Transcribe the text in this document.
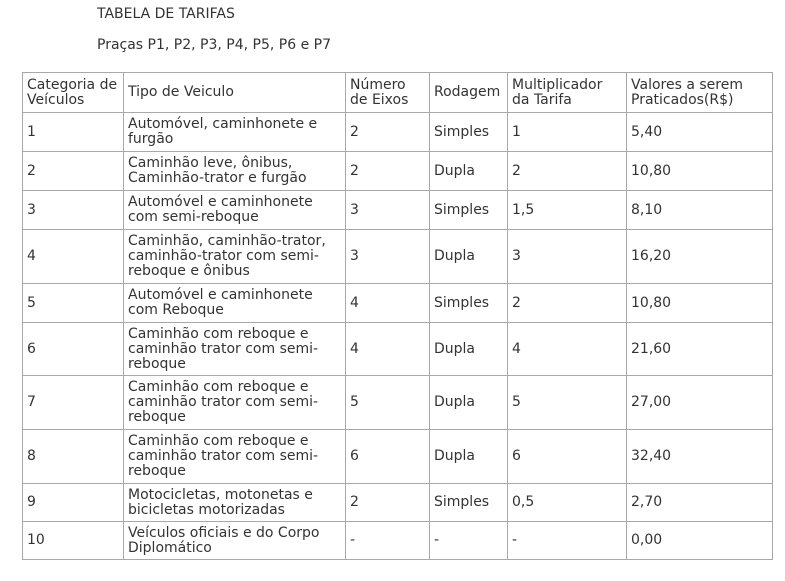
TABELA DE TARIFAS
Praças P1, P2, P3, P4, P5, P6 e P7
Categoria de Veículos	Tipo de Veiculo	Número de Eixos	Rodagem	Multiplicador da Tarifa	Valores a serem Praticados(R$)
1	Automóvel, caminhonete e furgão	2	Simples	1	5,40
2	Caminhão leve, ônibus, Caminhão-trator e furgão	2	Dupla	2	10,80
3	Automóvel e caminhonete com semi-reboque	3	Simples	1,5	8,10
4	Caminhão, caminhão-trator, caminhão-trator com semi-reboque e ônibus	3	Dupla	3	16,20
5	Automóvel e caminhonete com Reboque	4	Simples	2	10,80
6	Caminhão com reboque e caminhão trator com semi-reboque	4	Dupla	4	21,60
7	Caminhão com reboque e caminhão trator com semi-reboque	5	Dupla	5	27,00
8	Caminhão com reboque e caminhão trator com semi-reboque	6	Dupla	6	32,40
9	Motocicletas, motonetas e bicicletas motorizadas	2	Simples	0,5	2,70
10	Veículos oficiais e do Corpo Diplomático	-	-	-	0,00
